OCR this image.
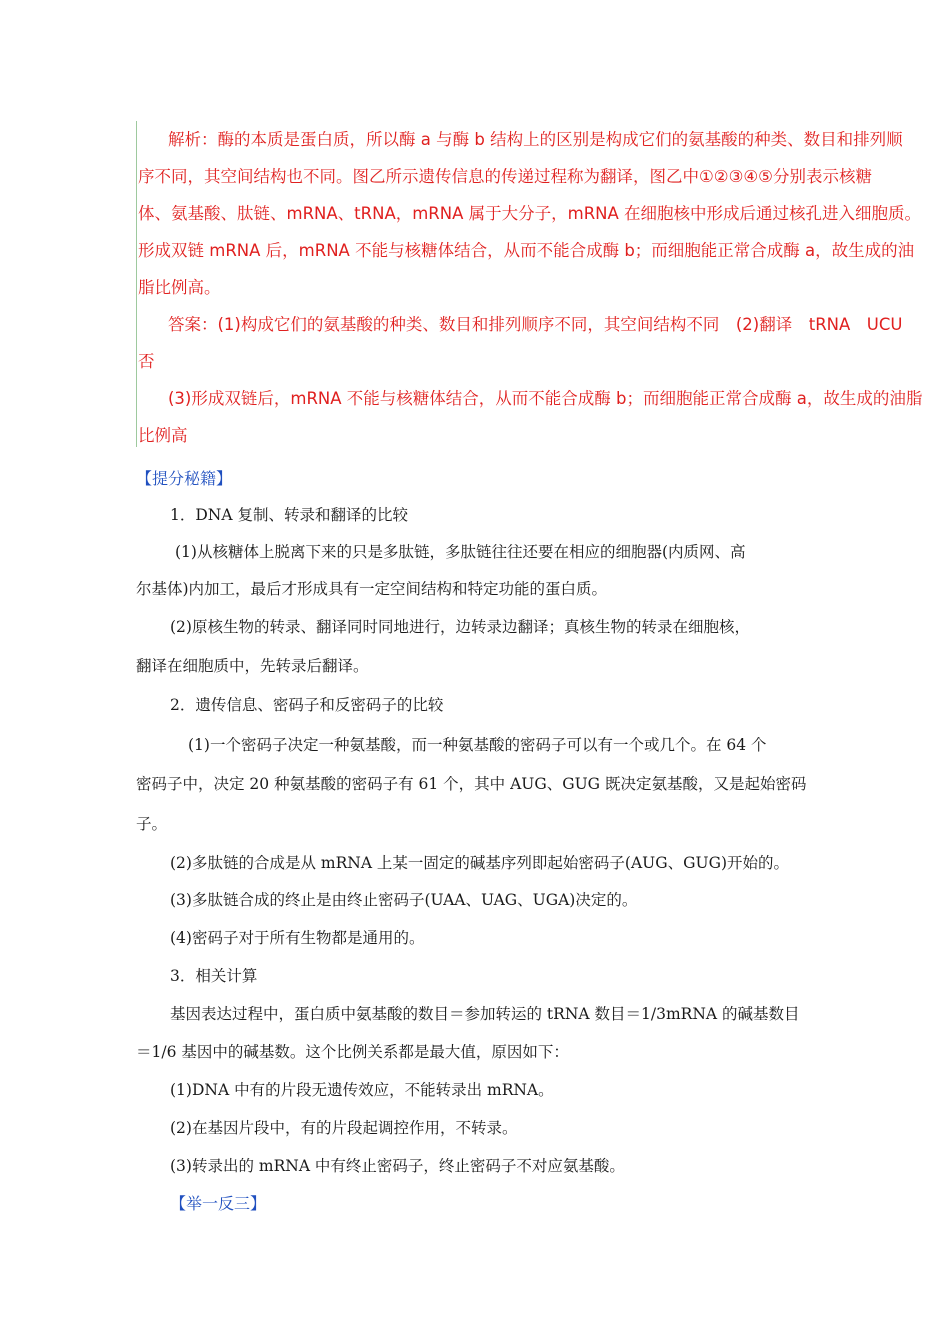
解析：酶的本质是蛋白质，所以酶 a 与酶 b 结构上的区别是构成它们的氨基酸的种类、数目和排列顺
序不同，其空间结构也不同。图乙所示遗传信息的传递过程称为翻译，图乙中①②③④⑤分别表示核糖
体、氨基酸、肽链、mRNA、tRNA，mRNA 属于大分子，mRNA 在细胞核中形成后通过核孔进入细胞质。
形成双链 mRNA 后，mRNA 不能与核糖体结合，从而不能合成酶 b；而细胞能正常合成酶 a，故生成的油
脂比例高。
答案：(1)构成它们的氨基酸的种类、数目和排列顺序不同，其空间结构不同　(2)翻译　tRNA　UCU
否
(3)形成双链后，mRNA 不能与核糖体结合，从而不能合成酶 b；而细胞能正常合成酶 a，故生成的油脂
比例高
【提分秘籍】
1．DNA 复制、转录和翻译的比较
(1)从核糖体上脱离下来的只是多肽链，多肽链往往还要在相应的细胞器(内质网、高
尔基体)内加工，最后才形成具有一定空间结构和特定功能的蛋白质。
(2)原核生物的转录、翻译同时同地进行，边转录边翻译；真核生物的转录在细胞核，
翻译在细胞质中，先转录后翻译。
2．遗传信息、密码子和反密码子的比较
(1)一个密码子决定一种氨基酸，而一种氨基酸的密码子可以有一个或几个。在 64 个
密码子中，决定 20 种氨基酸的密码子有 61 个，其中 AUG、GUG 既决定氨基酸，又是起始密码
子。
(2)多肽链的合成是从 mRNA 上某一固定的碱基序列即起始密码子(AUG、GUG)开始的。
(3)多肽链合成的终止是由终止密码子(UAA、UAG、UGA)决定的。
(4)密码子对于所有生物都是通用的。
3．相关计算
基因表达过程中，蛋白质中氨基酸的数目＝参加转运的 tRNA 数目＝1/3mRNA 的碱基数目
＝1/6 基因中的碱基数。这个比例关系都是最大值，原因如下：
(1)DNA 中有的片段无遗传效应，不能转录出 mRNA。
(2)在基因片段中，有的片段起调控作用，不转录。
(3)转录出的 mRNA 中有终止密码子，终止密码子不对应氨基酸。
【举一反三】
